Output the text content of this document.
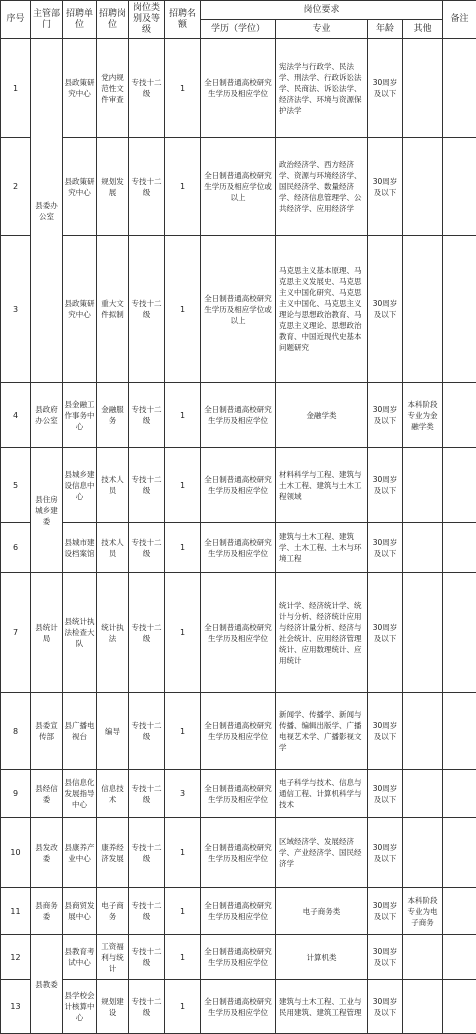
序号	主管部门	招聘单位	招聘岗位	岗位类别及等级	招聘名额	岗位要求				备注
						学历（学位）	专业	年龄	其他	
1	县委办公室	县政策研究中心	党内规范性文件审查	专技十二级	1	全日制普通高校研究生学历及相应学位	宪法学与行政学、民法学、刑法学、行政诉讼法学、民商法、诉讼法学、经济法学、环境与资源保护法学	30周岁及以下		
2		县政策研究中心	规划发展	专技十二级	1	全日制普通高校研究生学历及相应学位或以上	政治经济学、西方经济学、资源与环境经济学、国民经济学、数量经济学、经济信息管理学、公共经济学、应用经济学	30周岁及以下		
3		县政策研究中心	重大文件拟制	专技十二级	1	全日制普通高校研究生学历及相应学位或以上	马克思主义基本原理、马克思主义发展史、马克思主义中国化研究、马克思主义中国化、马克思主义理论与思想政治教育、马克思主义理论、思想政治教育、中国近现代史基本问题研究	30周岁及以下		
4	县政府办公室	县金融工作事务中心	金融服务	专技十二级	1	全日制普通高校研究生学历及相应学位	金融学类	30周岁及以下	本科阶段专业为金融学类	
5	县住房城乡建委	县城乡建设信息中心	技术人员	专技十二级	1	全日制普通高校研究生学历及相应学位	材料科学与工程、建筑与土木工程、建筑与土木工程领域	30周岁及以下		
6		县城市建设档案馆	技术人员	专技十二级	1	全日制普通高校研究生学历及相应学位	建筑与土木工程、建筑学、土木工程、土木与环境工程	30周岁及以下		
7	县统计局	县统计执法检查大队	统计执法	专技十二级	1	全日制普通高校研究生学历及相应学位	统计学、经济统计学、统计与分析、经济统计应用与经济计量分析、经济与社会统计、应用经济管理统计、应用数理统计、应用统计	30周岁及以下		
8	县委宣传部	县广播电视台	编导	专技十二级	1	全日制普通高校研究生学历及相应学位	新闻学、传播学、新闻与传播、编辑出版学、广播电视艺术学、广播影视文学	30周岁及以下		
9	县经信委	县信息化发展指导中心	信息技术	专技十二级	3	全日制普通高校研究生学历及相应学位	电子科学与技术、信息与通信工程、计算机科学与技术	30周岁及以下		
10	县发改委	县康养产业中心	康养经济发展	专技十二级	1	全日制普通高校研究生学历及相应学位	区域经济学、发展经济学、产业经济学、国民经济学	30周岁及以下		
11	县商务委	县商贸发展中心	电子商务	专技十二级	1	全日制普通高校研究生学历及相应学位	电子商务类	30周岁及以下	本科阶段专业为电子商务	
12	县教委	县教育考试中心	工资福利与统计	专技十二级	1	全日制普通高校研究生学历及相应学位	计算机类	30周岁及以下		
13		县学校会计核算中心	规划建设	专技十二级	1	全日制普通高校研究生学历及相应学位	建筑与土木工程、工业与民用建筑、建筑工程管理	30周岁及以下		
